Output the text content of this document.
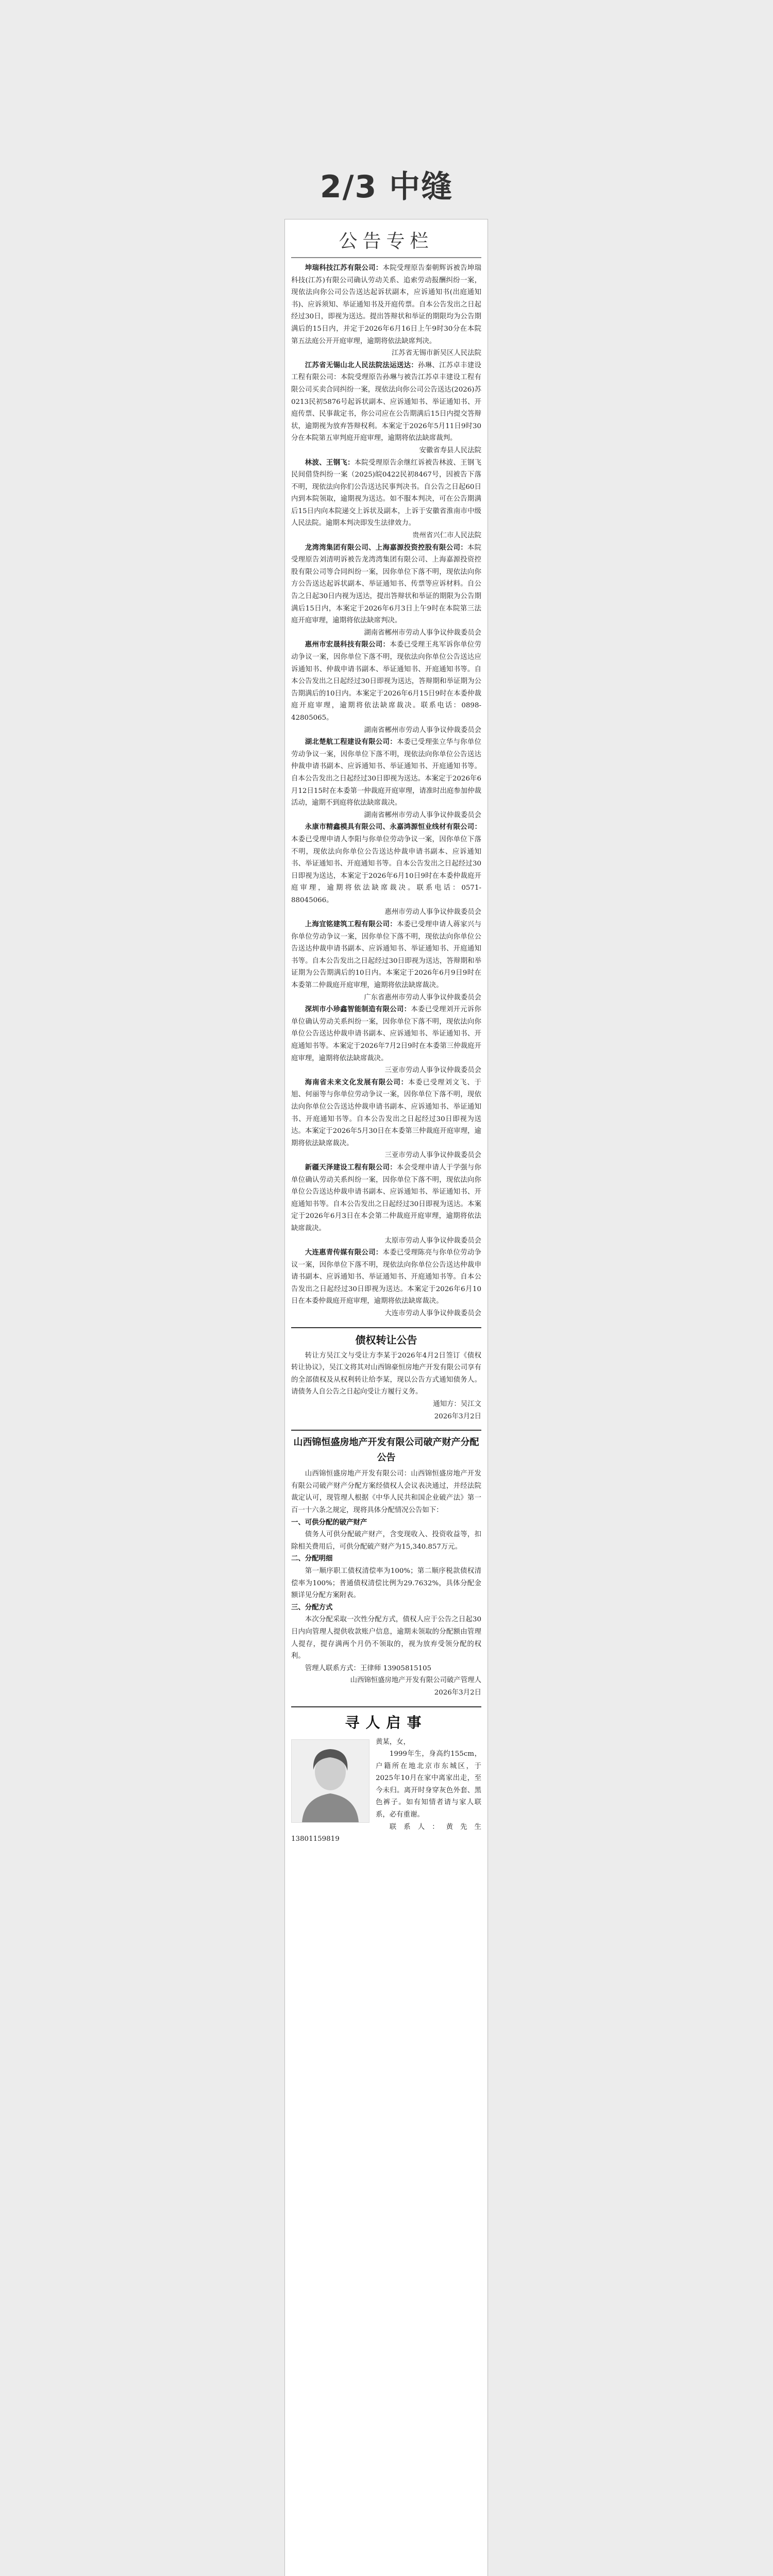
2/3 中缝
公告专栏

坤瑞科技江苏有限公司：本院受理原告秦朝辉诉被告坤瑞科技(江苏)有限公司确认劳动关系、追索劳动报酬纠纷一案，现依法向你公司公告送达起诉状副本，应诉通知书(出庭通知书)、应诉须知、举证通知书及开庭传票。自本公告发出之日起经过30日，即视为送达。提出答辩状和举证的期限均为公告期满后的15日内，并定于2026年6月16日上午9时30分在本院第五法庭公开开庭审理，逾期将依法缺席判决。

江苏省无锡市新吴区人民法院

江苏省无锡山北人民法院法运送达：孙琳、江苏卓丰建设工程有限公司：本院受理原告孙琳与被告江苏卓丰建设工程有限公司买卖合同纠纷一案，现依法向你公司公告送达(2026)苏0213民初5876号起诉状副本、应诉通知书、举证通知书、开庭传票、民事裁定书，你公司应在公告期满后15日内提交答辩状，逾期视为放弃答辩权利。本案定于2026年5月11日9时30分在本院第五审判庭开庭审理，逾期将依法缺席裁判。

安徽省寿县人民法院

林波、王钢飞：本院受理原告余继红诉被告林波、王钢飞民间借贷纠纷一案（2025)皖0422民初8467号，因被告下落不明，现依法向你们公告送达民事判决书。自公告之日起60日内到本院领取，逾期视为送达。如不服本判决，可在公告期满后15日内向本院递交上诉状及副本，上诉于安徽省淮南市中级人民法院。逾期本判决即发生法律效力。

贵州省兴仁市人民法院

龙湾湾集团有限公司、上海嘉源投资控股有限公司：本院受理原告刘清明诉被告龙湾湾集团有限公司、上海嘉源投资控股有限公司等合同纠纷一案，因你单位下落不明，现依法向你方公告送达起诉状副本、举证通知书、传票等应诉材料。自公告之日起30日内视为送达，提出答辩状和举证的期限为公告期满后15日内，本案定于2026年6月3日上午9时在本院第三法庭开庭审理，逾期将依法缺席判决。

湖南省郴州市劳动人事争议仲裁委员会

惠州市宏晟科技有限公司：本委已受理王兆军诉你单位劳动争议一案，因你单位下落不明，现依法向你单位公告送达应诉通知书、仲裁申请书副本、举证通知书、开庭通知书等。自本公告发出之日起经过30日即视为送达，答辩期和举证期为公告期满后的10日内。本案定于2026年6月15日9时在本委仲裁庭开庭审理，逾期将依法缺席裁决。联系电话：0898-42805065。

湖南省郴州市劳动人事争议仲裁委员会

湖北楚航工程建设有限公司：本委已受理张立华与你单位劳动争议一案，因你单位下落不明，现依法向你单位公告送达仲裁申请书副本、应诉通知书、举证通知书、开庭通知书等。自本公告发出之日起经过30日即视为送达。本案定于2026年6月12日15时在本委第一仲裁庭开庭审理，请准时出庭参加仲裁活动，逾期不到庭将依法缺席裁决。

湖南省郴州市劳动人事争议仲裁委员会

永康市精鑫模具有限公司、永嘉鸿源恒业线材有限公司：本委已受理申请人李阳与你单位劳动争议一案，因你单位下落不明，现依法向你单位公告送达仲裁申请书副本、应诉通知书、举证通知书、开庭通知书等。自本公告发出之日起经过30日即视为送达，本案定于2026年6月10日9时在本委仲裁庭开庭审理，逾期将依法缺席裁决。联系电话：0571-88045066。

惠州市劳动人事争议仲裁委员会

上海宜铭建筑工程有限公司：本委已受理申请人蒋家兴与你单位劳动争议一案，因你单位下落不明，现依法向你单位公告送达仲裁申请书副本、应诉通知书、举证通知书、开庭通知书等。自本公告发出之日起经过30日即视为送达，答辩期和举证期为公告期满后的10日内。本案定于2026年6月9日9时在本委第二仲裁庭开庭审理，逾期将依法缺席裁决。

广东省惠州市劳动人事争议仲裁委员会

深圳市小珍鑫智能制造有限公司：本委已受理刘开元诉你单位确认劳动关系纠纷一案，因你单位下落不明，现依法向你单位公告送达仲裁申请书副本、应诉通知书、举证通知书、开庭通知书等。本案定于2026年7月2日9时在本委第三仲裁庭开庭审理，逾期将依法缺席裁决。

三亚市劳动人事争议仲裁委员会

海南省未来文化发展有限公司：本委已受理刘文飞、于旭、何丽等与你单位劳动争议一案，因你单位下落不明，现依法向你单位公告送达仲裁申请书副本、应诉通知书、举证通知书、开庭通知书等。自本公告发出之日起经过30日即视为送达。本案定于2026年5月30日在本委第三仲裁庭开庭审理，逾期将依法缺席裁决。

三亚市劳动人事争议仲裁委员会

新疆天泽建设工程有限公司：本会受理申请人于学强与你单位确认劳动关系纠纷一案，因你单位下落不明，现依法向你单位公告送达仲裁申请书副本、应诉通知书、举证通知书、开庭通知书等。自本公告发出之日起经过30日即视为送达。本案定于2026年6月3日在本会第二仲裁庭开庭审理，逾期将依法缺席裁决。

太原市劳动人事争议仲裁委员会

大连惠青传媒有限公司：本委已受理陈亮与你单位劳动争议一案，因你单位下落不明，现依法向你单位公告送达仲裁申请书副本、应诉通知书、举证通知书、开庭通知书等。自本公告发出之日起经过30日即视为送达。本案定于2026年6月10日在本委仲裁庭开庭审理，逾期将依法缺席裁决。

大连市劳动人事争议仲裁委员会

债权转让公告

转让方吴江文与受让方李某于2026年4月2日签订《债权转让协议》，吴江文将其对山西锦豪恒房地产开发有限公司享有的全部债权及从权利转让给李某，现以公告方式通知债务人。请债务人自公告之日起向受让方履行义务。

通知方：吴江文

2026年3月2日

山西锦恒盛房地产开发有限公司破产财产分配公告

山西锦恒盛房地产开发有限公司：山西锦恒盛房地产开发有限公司破产财产分配方案经债权人会议表决通过，并经法院裁定认可，现管理人根据《中华人民共和国企业破产法》第一百一十六条之规定，现将具体分配情况公告如下：

一、可供分配的破产财产

债务人可供分配破产财产，含变现收入、投资收益等，扣除相关费用后，可供分配破产财产为15,340.857万元。

二、分配明细

第一顺序职工债权清偿率为100%；第二顺序税款债权清偿率为100%；普通债权清偿比例为29.7632%，具体分配金额详见分配方案附表。

三、分配方式

本次分配采取一次性分配方式，债权人应于公告之日起30日内向管理人提供收款账户信息，逾期未领取的分配额由管理人提存，提存满两个月仍不领取的，视为放弃受领分配的权利。

管理人联系方式：王律师 13905815105

山西锦恒盛房地产开发有限公司破产管理人

2026年3月2日

寻人启事

黄某，女，

1999年生，身高约155cm，户籍所在地北京市东城区，于2025年10月在家中离家出走，至今未归。离开时身穿灰色外套、黑色裤子。如有知情者请与家人联系，必有重谢。

联系人：黄先生 13801159819
